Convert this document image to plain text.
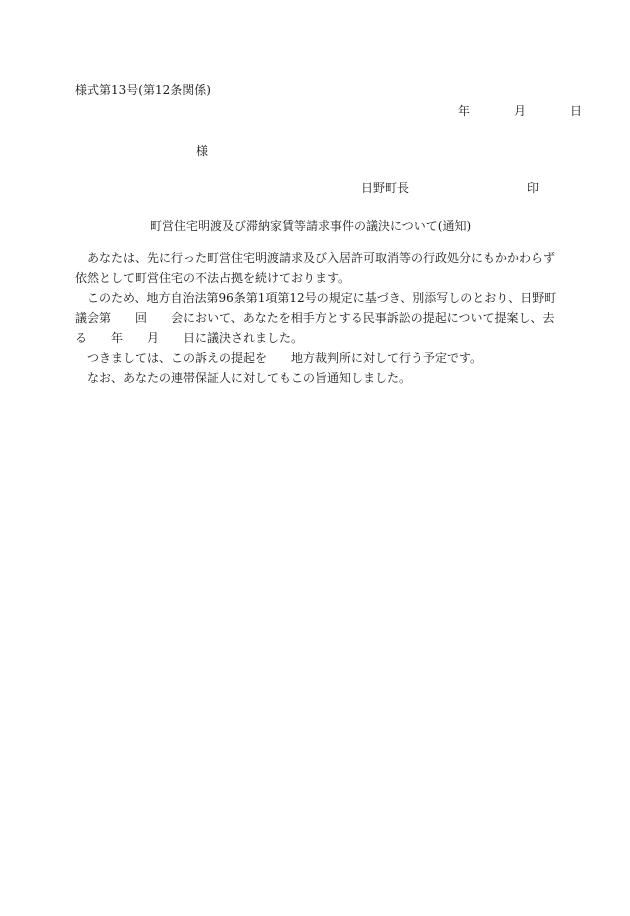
様式第13号(第12条関係)
年	月	日
様
日野町長	印
町営住宅明渡及び滞納家賃等請求事件の議決について(通知)
あなたは、先に行った町営住宅明渡請求及び入居許可取消等の行政処分にもかかわらず
依然として町営住宅の不法占拠を続けております。
このため、地方自治法第96条第1項第12号の規定に基づき、別添写しのとおり、日野町
議会第　　回　　会において、あなたを相手方とする民事訴訟の提起について提案し、去
る　　年　　月　　日に議決されました。
つきましては、この訴えの提起を　　地方裁判所に対して行う予定です。
なお、あなたの連帯保証人に対してもこの旨通知しました。
